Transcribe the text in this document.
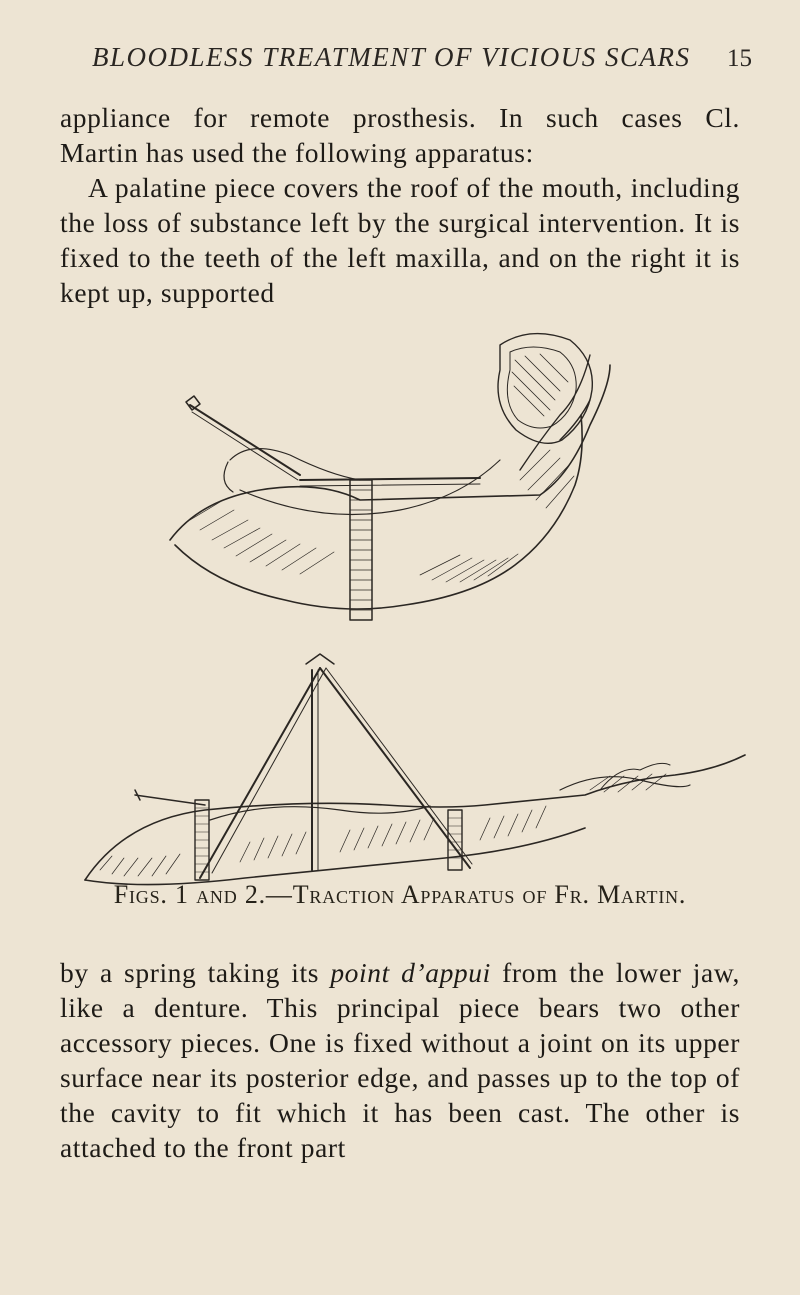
BLOODLESS TREATMENT OF VICIOUS SCARS 15

appliance for remote prosthesis. In such cases Cl.

Martin has used the following apparatus:

A palatine piece covers the roof of the mouth, including the loss of substance left by the surgical intervention. It is fixed to the teeth of the left maxilla, and on the right it is kept up, supported

Figs. 1 and 2.—Traction Apparatus of Fr. Martin.

by a spring taking its point d’appui from the lower jaw, like a denture. This principal piece bears two other accessory pieces. One is fixed without a joint on its upper surface near its posterior edge, and passes up to the top of the cavity to fit which it has been cast. The other is attached to the front part
